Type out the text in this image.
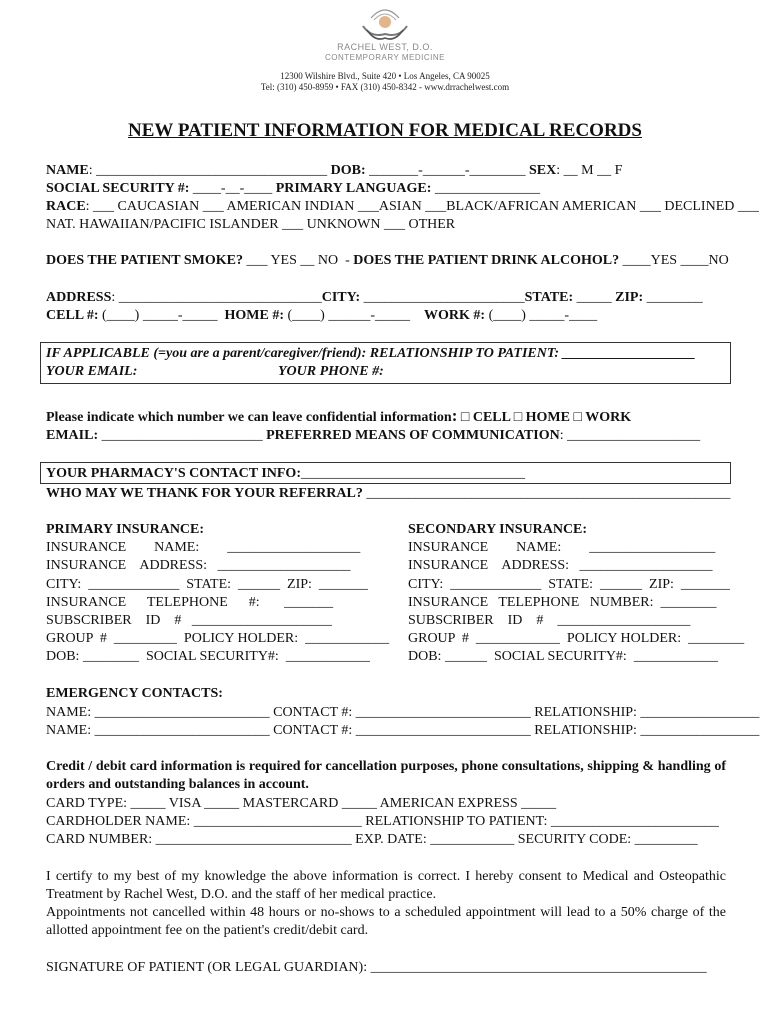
RACHEL WEST, D.O.
CONTEMPORARY MEDICINE
12300 Wilshire Blvd., Suite 420 • Los Angeles, CA 90025
Tel: (310) 450-8959 • FAX (310) 450-8342 - www.drrachelwest.com
NEW PATIENT INFORMATION FOR MEDICAL RECORDS
NAME: _________________________________ DOB: _______-______-________ SEX: __ M __ F
SOCIAL SECURITY #: ____-__-____ PRIMARY LANGUAGE: _______________
RACE: ___ CAUCASIAN ___ AMERICAN INDIAN ___ASIAN ___BLACK/AFRICAN AMERICAN ___ DECLINED ___
NAT. HAWAIIAN/PACIFIC ISLANDER ___ UNKNOWN ___ OTHER
DOES THE PATIENT SMOKE? ___ YES __ NO  - DOES THE PATIENT DRINK ALCOHOL? ____YES ____NO
ADDRESS: _____________________________CITY: _______________________STATE: _____ ZIP: ________
CELL #: (____) _____-_____  HOME #: (____) ______-_____    WORK #: (____) _____-____
IF APPLICABLE (=you are a parent/caregiver/friend): RELATIONSHIP TO PATIENT: ___________________
YOUR EMAIL:	YOUR PHONE #:
Please indicate which number we can leave confidential information: □ CELL □ HOME □ WORK
EMAIL: _______________________ PREFERRED MEANS OF COMMUNICATION: ___________________
YOUR PHARMACY'S CONTACT INFO:________________________________
WHO MAY WE THANK FOR YOUR REFERRAL? ____________________________________________________
PRIMARY INSURANCE:
INSURANCE        NAME:        ___________________
INSURANCE    ADDRESS:   ___________________
CITY:  _____________  STATE:  ______  ZIP:  _______
INSURANCE      TELEPHONE      #:       _______
SUBSCRIBER    ID    #   ____________________
GROUP  #  _________  POLICY HOLDER:  ____________
DOB: ________  SOCIAL SECURITY#:  ____________
SECONDARY INSURANCE:
INSURANCE        NAME:        __________________
INSURANCE    ADDRESS:   ___________________
CITY:  _____________  STATE:  ______  ZIP:  _______
INSURANCE   TELEPHONE   NUMBER:  ________
SUBSCRIBER    ID    #    ___________________
GROUP  #  ____________  POLICY HOLDER:  ________
DOB: ______  SOCIAL SECURITY#:  ____________
EMERGENCY CONTACTS:
NAME: _________________________ CONTACT #: _________________________ RELATIONSHIP: _________________
NAME: _________________________ CONTACT #: _________________________ RELATIONSHIP: _________________
Credit / debit card information is required for cancellation purposes, phone consultations, shipping & handling of orders and outstanding balances in account.
CARD TYPE: _____ VISA _____ MASTERCARD _____ AMERICAN EXPRESS _____
CARDHOLDER NAME: ________________________ RELATIONSHIP TO PATIENT: ________________________
CARD NUMBER: ____________________________ EXP. DATE: ____________ SECURITY CODE: _________
I certify to my best of my knowledge the above information is correct. I hereby consent to Medical and Osteopathic Treatment by Rachel West, D.O. and the staff of her medical practice.
Appointments not cancelled within 48 hours or no-shows to a scheduled appointment will lead to a 50% charge of the allotted appointment fee on the patient's credit/debit card.
SIGNATURE OF PATIENT (OR LEGAL GUARDIAN): ________________________________________________
